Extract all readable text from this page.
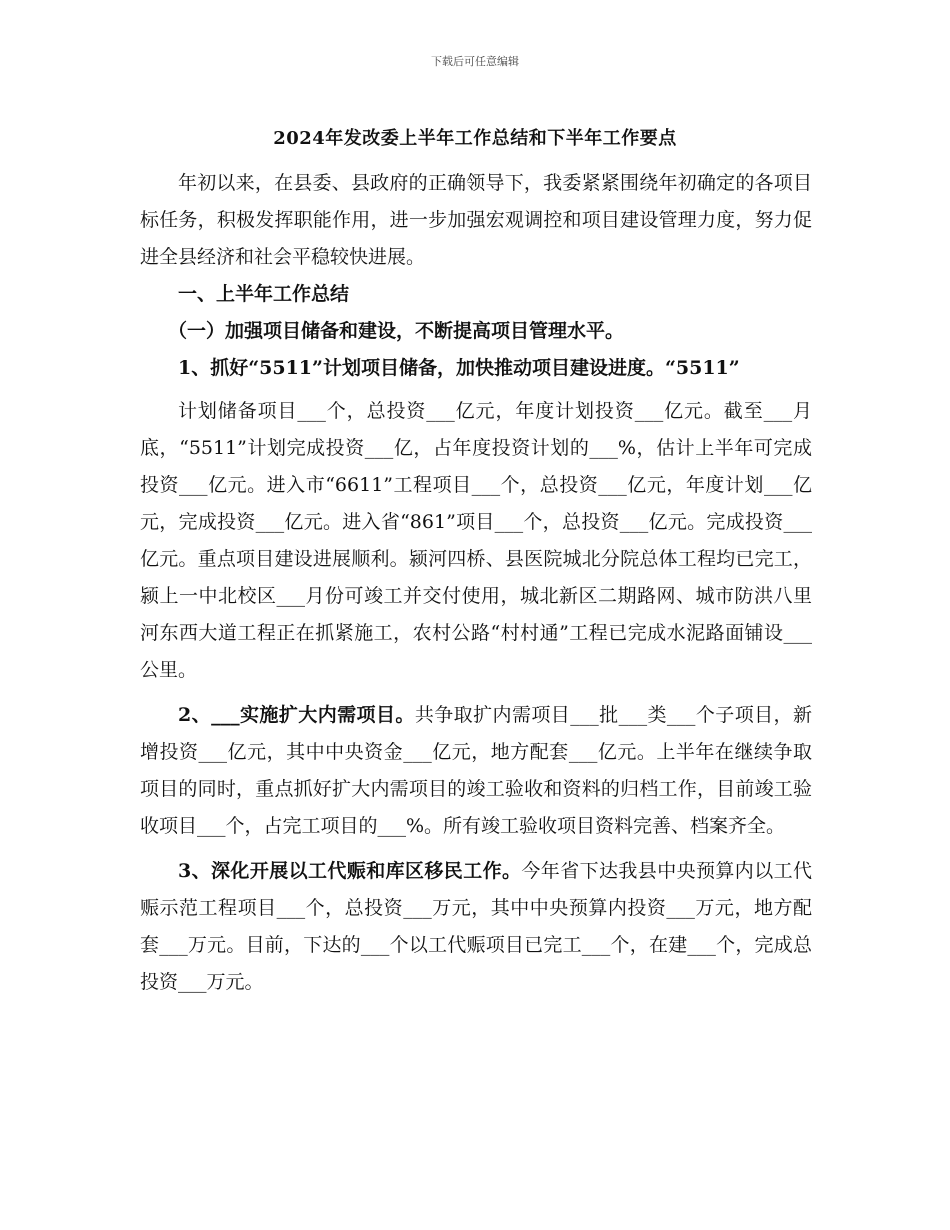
下载后可任意编辑
2024年发改委上半年工作总结和下半年工作要点

年初以来，在县委、县政府的正确领导下，我委紧紧围绕年初确定的各项目标任务，积极发挥职能作用，进一步加强宏观调控和项目建设管理力度，努力促进全县经济和社会平稳较快进展。

一、上半年工作总结

（一）加强项目储备和建设，不断提高项目管理水平。

1、抓好“5511”计划项目储备，加快推动项目建设进度。“5511”

计划储备项目___个，总投资___亿元，年度计划投资___亿元。截至___月底，“5511”计划完成投资___亿，占年度投资计划的___%，估计上半年可完成投资___亿元。进入市“6611”工程项目___个，总投资___亿元，年度计划___亿元，完成投资___亿元。进入省“861”项目___个，总投资___亿元。完成投资___亿元。重点项目建设进展顺利。颍河四桥、县医院城北分院总体工程均已完工，颍上一中北校区___月份可竣工并交付使用，城北新区二期路网、城市防洪八里河东西大道工程正在抓紧施工，农村公路“村村通”工程已完成水泥路面铺设___公里。

2、___实施扩大内需项目。共争取扩内需项目___批___类___个子项目，新增投资___亿元，其中中央资金___亿元，地方配套___亿元。上半年在继续争取项目的同时，重点抓好扩大内需项目的竣工验收和资料的归档工作，目前竣工验收项目___个，占完工项目的___%。所有竣工验收项目资料完善、档案齐全。

3、深化开展以工代赈和库区移民工作。今年省下达我县中央预算内以工代赈示范工程项目___个，总投资___万元，其中中央预算内投资___万元，地方配套___万元。目前，下达的___个以工代赈项目已完工___个，在建___个，完成总投资___万元。
